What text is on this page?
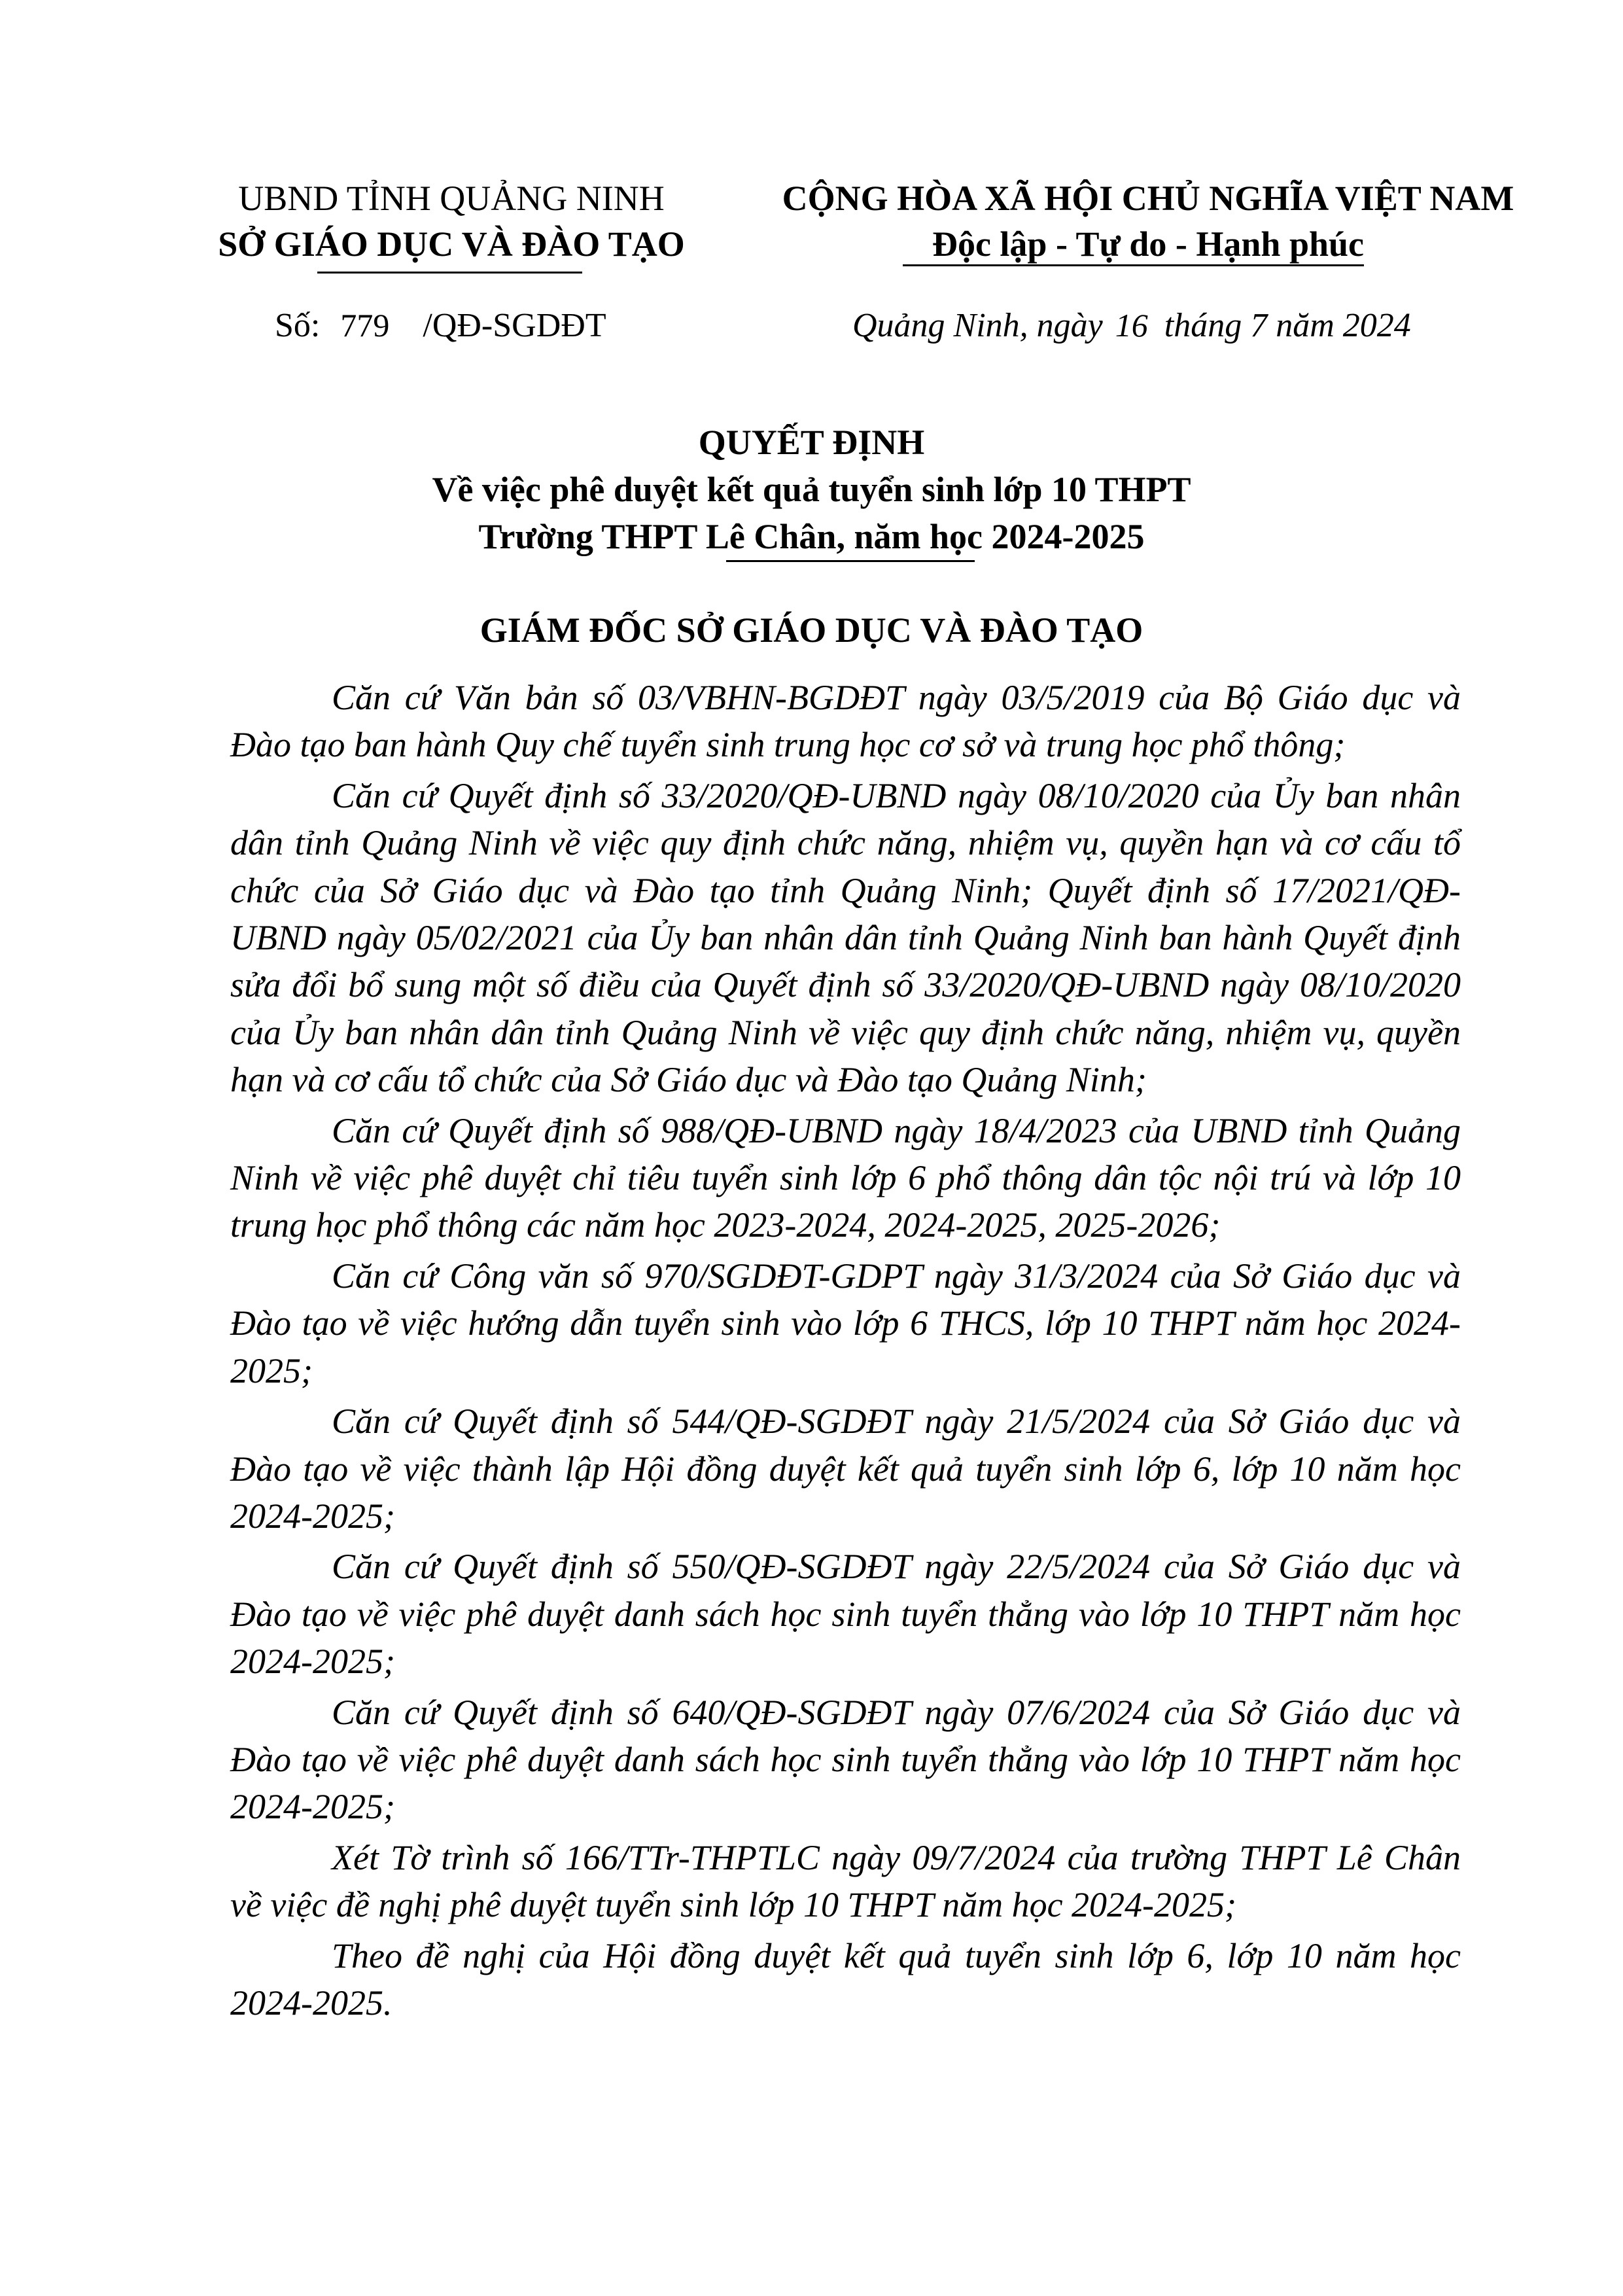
UBND TỈNH QUẢNG NINH
SỞ GIÁO DỤC VÀ ĐÀO TẠO
CỘNG HÒA XÃ HỘI CHỦ NGHĨA VIỆT NAM
Độc lập - Tự do - Hạnh phúc
Số: 779 /QĐ-SGDĐT	Quảng Ninh, ngày 16 tháng 7 năm 2024
QUYẾT ĐỊNH
Về việc phê duyệt kết quả tuyển sinh lớp 10 THPT
Trường THPT Lê Chân, năm học 2024-2025
GIÁM ĐỐC SỞ GIÁO DỤC VÀ ĐÀO TẠO

Căn cứ Văn bản số 03/VBHN-BGDĐT ngày 03/5/2019 của Bộ Giáo dục và Đào tạo ban hành Quy chế tuyển sinh trung học cơ sở và trung học phổ thông;

Căn cứ Quyết định số 33/2020/QĐ-UBND ngày 08/10/2020 của Ủy ban nhân dân tỉnh Quảng Ninh về việc quy định chức năng, nhiệm vụ, quyền hạn và cơ cấu tổ chức của Sở Giáo dục và Đào tạo tỉnh Quảng Ninh; Quyết định số 17/2021/QĐ-UBND ngày 05/02/2021 của Ủy ban nhân dân tỉnh Quảng Ninh ban hành Quyết định sửa đổi bổ sung một số điều của Quyết định số 33/2020/QĐ-UBND ngày 08/10/2020 của Ủy ban nhân dân tỉnh Quảng Ninh về việc quy định chức năng, nhiệm vụ, quyền hạn và cơ cấu tổ chức của Sở Giáo dục và Đào tạo Quảng Ninh;

Căn cứ Quyết định số 988/QĐ-UBND ngày 18/4/2023 của UBND tỉnh Quảng Ninh về việc phê duyệt chỉ tiêu tuyển sinh lớp 6 phổ thông dân tộc nội trú và lớp 10 trung học phổ thông các năm học 2023-2024, 2024-2025, 2025-2026;

Căn cứ Công văn số 970/SGDĐT-GDPT ngày 31/3/2024 của Sở Giáo dục và Đào tạo về việc hướng dẫn tuyển sinh vào lớp 6 THCS, lớp 10 THPT năm học 2024-2025;

Căn cứ Quyết định số 544/QĐ-SGDĐT ngày 21/5/2024 của Sở Giáo dục và Đào tạo về việc thành lập Hội đồng duyệt kết quả tuyển sinh lớp 6, lớp 10 năm học 2024-2025;

Căn cứ Quyết định số 550/QĐ-SGDĐT ngày 22/5/2024 của Sở Giáo dục và Đào tạo về việc phê duyệt danh sách học sinh tuyển thẳng vào lớp 10 THPT năm học 2024-2025;

Căn cứ Quyết định số 640/QĐ-SGDĐT ngày 07/6/2024 của Sở Giáo dục và Đào tạo về việc phê duyệt danh sách học sinh tuyển thẳng vào lớp 10 THPT năm học 2024-2025;

Xét Tờ trình số 166/TTr-THPTLC ngày 09/7/2024 của trường THPT Lê Chân về việc đề nghị phê duyệt tuyển sinh lớp 10 THPT năm học 2024-2025;

Theo đề nghị của Hội đồng duyệt kết quả tuyển sinh lớp 6, lớp 10 năm học 2024-2025.
